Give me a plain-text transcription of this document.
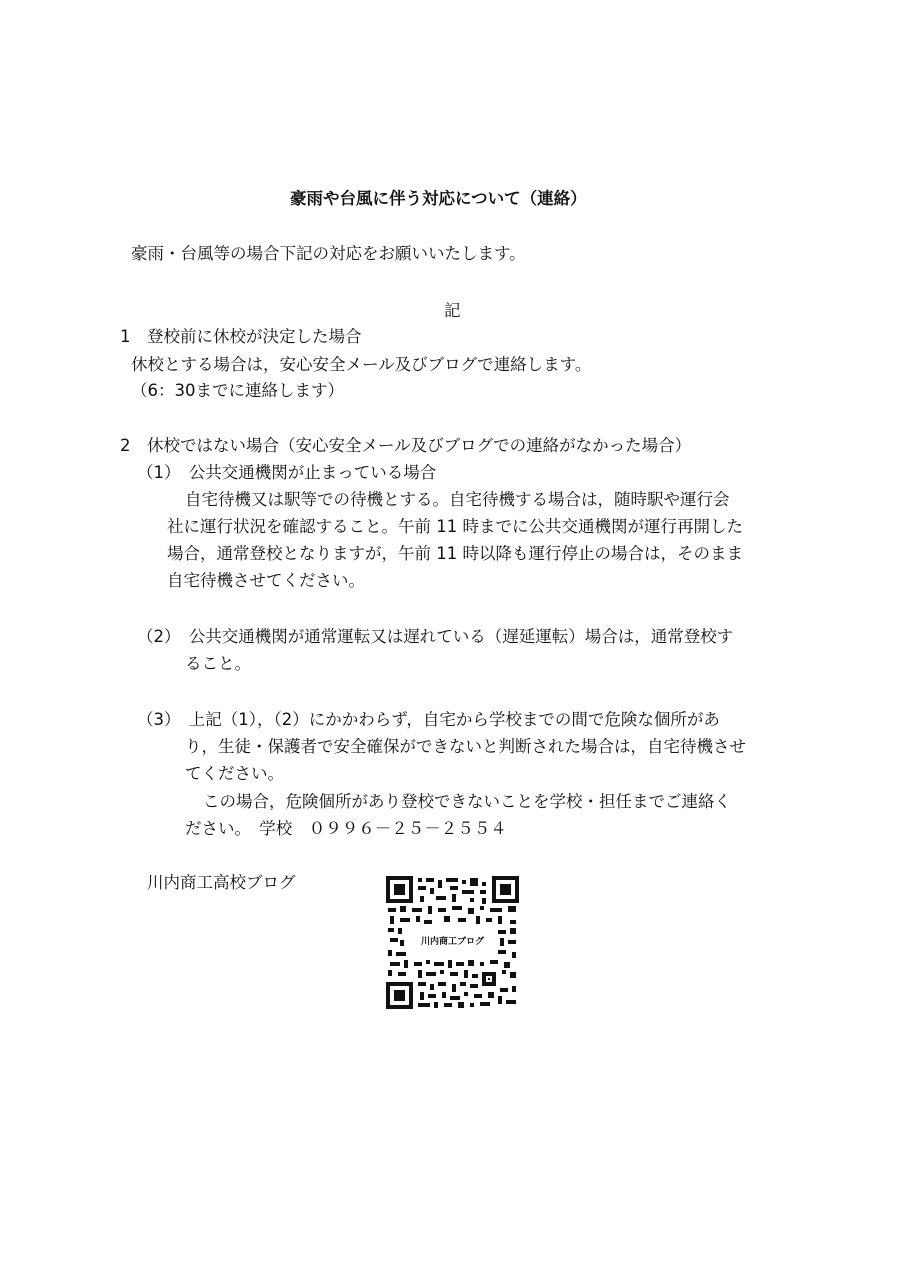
豪雨や台風に伴う対応について（連絡）
豪雨・台風等の場合下記の対応をお願いいたします。
記
1　登校前に休校が決定した場合
休校とする場合は，安心安全メール及びブログで連絡します。
（6：30までに連絡します）
2　休校ではない場合（安心安全メール及びブログでの連絡がなかった場合）
（1）　公共交通機関が止まっている場合
自宅待機又は駅等での待機とする。自宅待機する場合は，随時駅や運行会
社に運行状況を確認すること。午前 11 時までに公共交通機関が運行再開した
場合，通常登校となりますが，午前 11 時以降も運行停止の場合は，そのまま
自宅待機させてください。
（2）　公共交通機関が通常運転又は遅れている（遅延運転）場合は，通常登校す
ること。
（3）　上記（1），（2）にかかわらず，自宅から学校までの間で危険な個所があ
り，生徒・保護者で安全確保ができないと判断された場合は，自宅待機させ
てください。
この場合，危険個所があり登校できないことを学校・担任までご連絡く
ださい。　学校　０９９６－２５－２５５４
川内商工高校ブログ
川内商工ブログ
